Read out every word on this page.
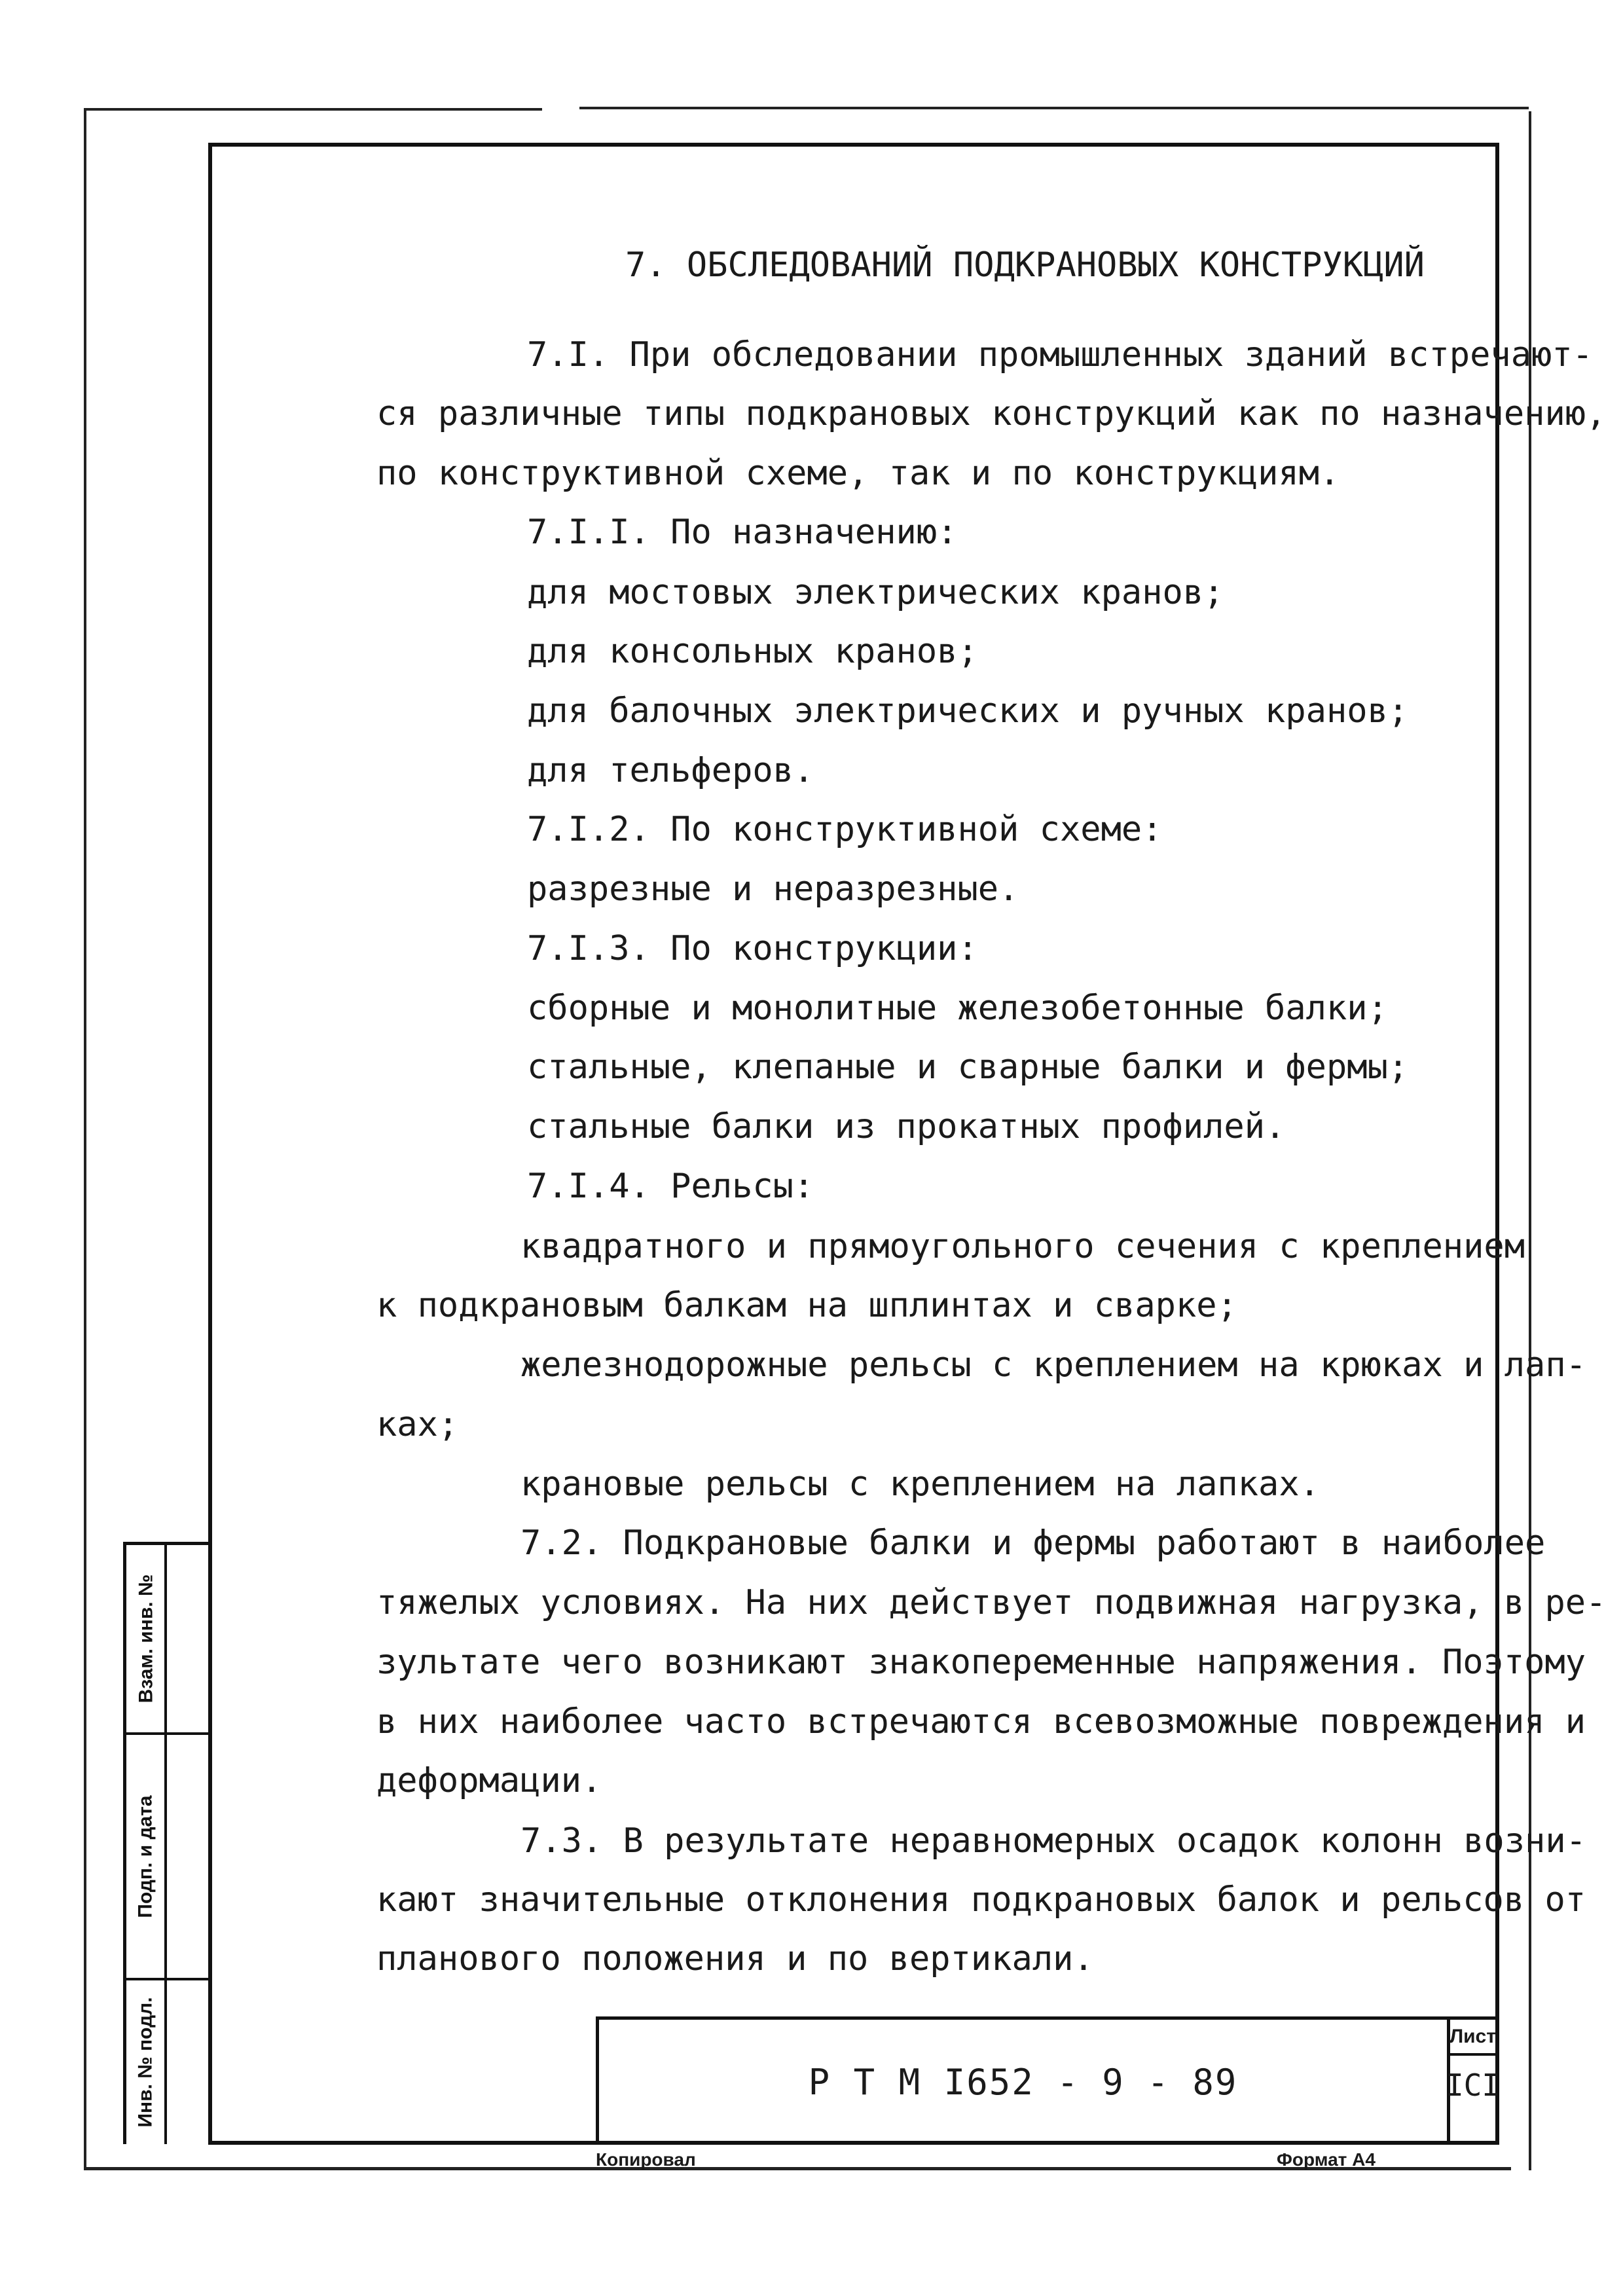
Взам. инв. №
Подп. и дата
Инв. № подл.
7. ОБСЛЕДОВАНИЙ ПОДКРАНОВЫХ КОНСТРУКЦИЙ
7.I. При обследовании промышленных зданий встречают-
ся различные типы подкрановых конструкций как по назначению,
по конструктивной схеме, так и по конструкциям.
7.I.I. По назначению:
для мостовых электрических кранов;
для консольных кранов;
для балочных электрических и ручных кранов;
для тельферов.
7.I.2. По конструктивной схеме:
разрезные и неразрезные.
7.I.3. По конструкции:
сборные и монолитные железобетонные балки;
стальные, клепаные и сварные балки и фермы;
стальные балки из прокатных профилей.
7.I.4. Рельсы:
квадратного и прямоугольного сечения с креплением
к подкрановым балкам на шплинтах и сварке;
железнодорожные рельсы с креплением на крюках и лап-
ках;
крановые рельсы с креплением на лапках.
7.2. Подкрановые балки и фермы работают в наиболее
тяжелых условиях. На них действует подвижная нагрузка, в ре-
зультате чего возникают знакопеременные напряжения. Поэтому
в них наиболее часто встречаются всевозможные повреждения и
деформации.
7.3. В результате неравномерных осадок колонн возни-
кают значительные отклонения подкрановых балок и рельсов от
планового положения и по вертикали.
Р Т М I652 - 9 - 89
Лист
ICI
Копировал	Формат А4
